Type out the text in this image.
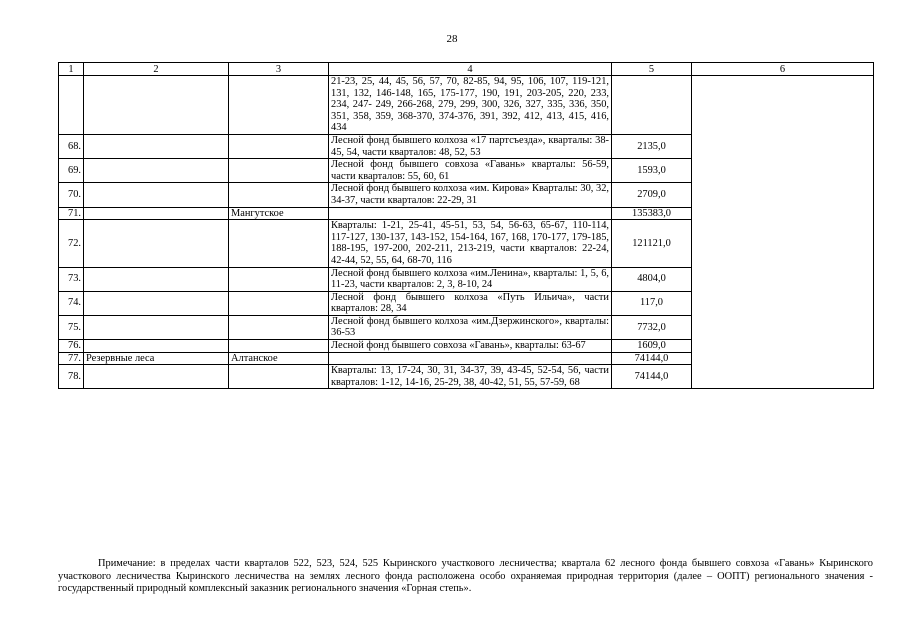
28
1	2	3	4	5	6
			21-23, 25, 44, 45, 56, 57, 70, 82-85, 94, 95, 106, 107, 119-121, 131, 132, 146-148, 165, 175-177, 190, 191, 203-205, 220, 233, 234, 247- 249, 266-268, 279, 299, 300, 326, 327, 335, 336, 350, 351, 358, 359, 368-370, 374-376, 391, 392, 412, 413, 415, 416, 434		
68.			Лесной фонд бывшего колхоза «17 партсъезда», кварталы: 38-45, 54, части кварталов: 48, 52, 53	2135,0	
69.			Лесной фонд бывшего совхоза «Гавань» кварталы: 56-59, части кварталов: 55, 60, 61	1593,0	
70.			Лесной фонд бывшего колхоза «им. Кирова» Кварталы: 30, 32, 34-37, части кварталов: 22-29, 31	2709,0	
71.		Мангутское		135383,0	
72.			Кварталы: 1-21, 25-41, 45-51, 53, 54, 56-63, 65-67, 110-114, 117-127, 130-137, 143-152, 154-164, 167, 168, 170-177, 179-185, 188-195, 197-200, 202-211, 213-219, части кварталов: 22-24, 42-44, 52, 55, 64, 68-70, 116	121121,0	
73.			Лесной фонд бывшего колхоза «им.Ленина», кварталы: 1, 5, 6, 11-23, части кварталов: 2, 3, 8-10, 24	4804,0	
74.			Лесной фонд бывшего колхоза «Путь Ильича», части кварталов: 28, 34	117,0	
75.			Лесной фонд бывшего колхоза «им.Дзержинского», кварталы: 36-53	7732,0	
76.			Лесной фонд бывшего совхоза «Гавань», кварталы: 63-67	1609,0	
77.	Резервные леса	Алтанское		74144,0	
78.			Кварталы: 13, 17-24, 30, 31, 34-37, 39, 43-45, 52-54, 56, части кварталов: 1-12, 14-16, 25-29, 38, 40-42, 51, 55, 57-59, 68	74144,0	

Примечание: в пределах части кварталов 522, 523, 524, 525 Кыринского участкового лесничества; квартала 62 лесного фонда бывшего совхоза «Гавань» Кыринского участкового лесничества Кыринского лесничества на землях лесного фонда расположена особо охраняемая природная территория (далее – ООПТ) регионального значения - государственный природный комплексный заказник регионального значения «Горная степь».
